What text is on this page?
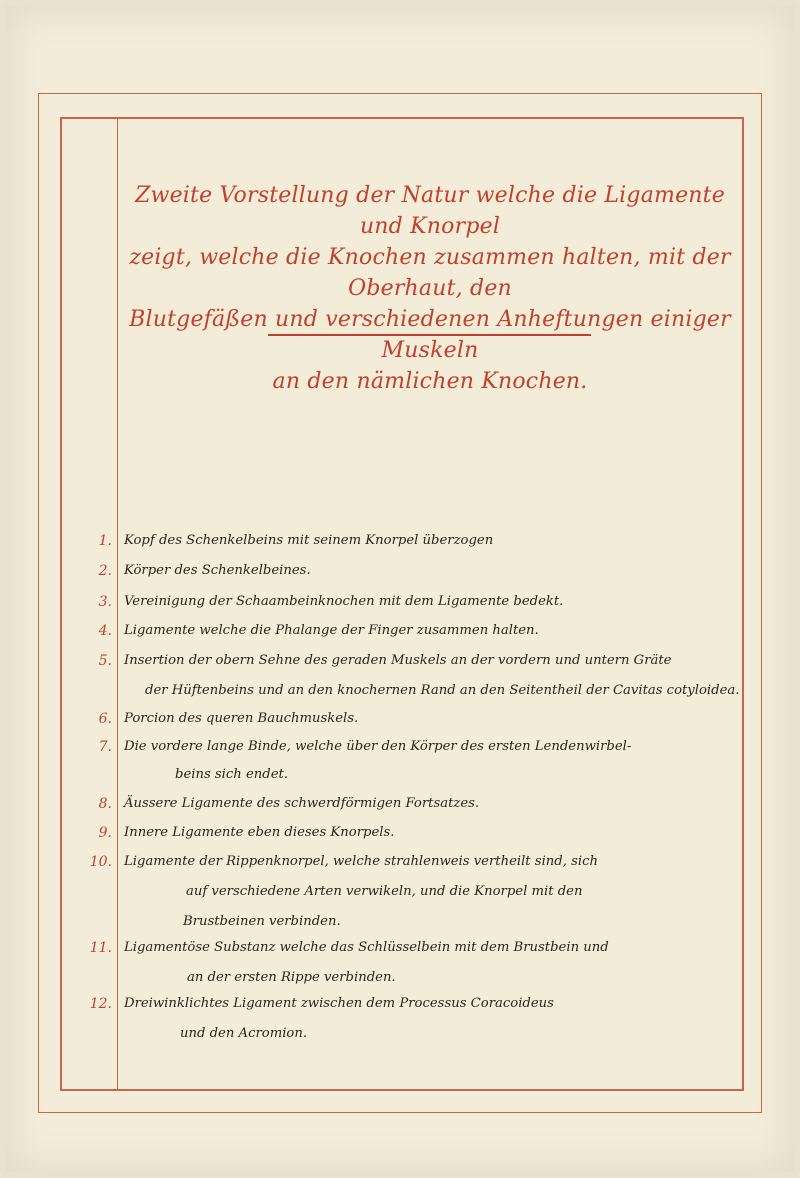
Zweite Vorstellung der Natur welche die Ligamente und Knorpel
zeigt, welche die Knochen zusammen halten, mit der Oberhaut, den
Blutgefäßen und verschiedenen Anheftungen einiger Muskeln
an den nämlichen Knochen.
1. Kopf des Schenkelbeins mit seinem Knorpel überzogen
2. Körper des Schenkelbeines.
3. Vereinigung der Schaambeinknochen mit dem Ligamente bedekt.
4. Ligamente welche die Phalange der Finger zusammen halten.
5. Insertion der obern Sehne des geraden Muskels an der vordern und untern Gräte
der Hüftenbeins und an den knochernen Rand an den Seitentheil der Cavitas cotyloidea.
6. Porcion des queren Bauchmuskels.
7. Die vordere lange Binde, welche über den Körper des ersten Lendenwirbel-
beins sich endet.
8. Äussere Ligamente des schwerdförmigen Fortsatzes.
9. Innere Ligamente eben dieses Knorpels.
10. Ligamente der Rippenknorpel, welche strahlenweis vertheilt sind, sich
auf verschiedene Arten verwikeln, und die Knorpel mit den
Brustbeinen verbinden.
11. Ligamentöse Substanz welche das Schlüsselbein mit dem Brustbein und
an der ersten Rippe verbinden.
12. Dreiwinklichtes Ligament zwischen dem Processus Coracoideus
und den Acromion.
